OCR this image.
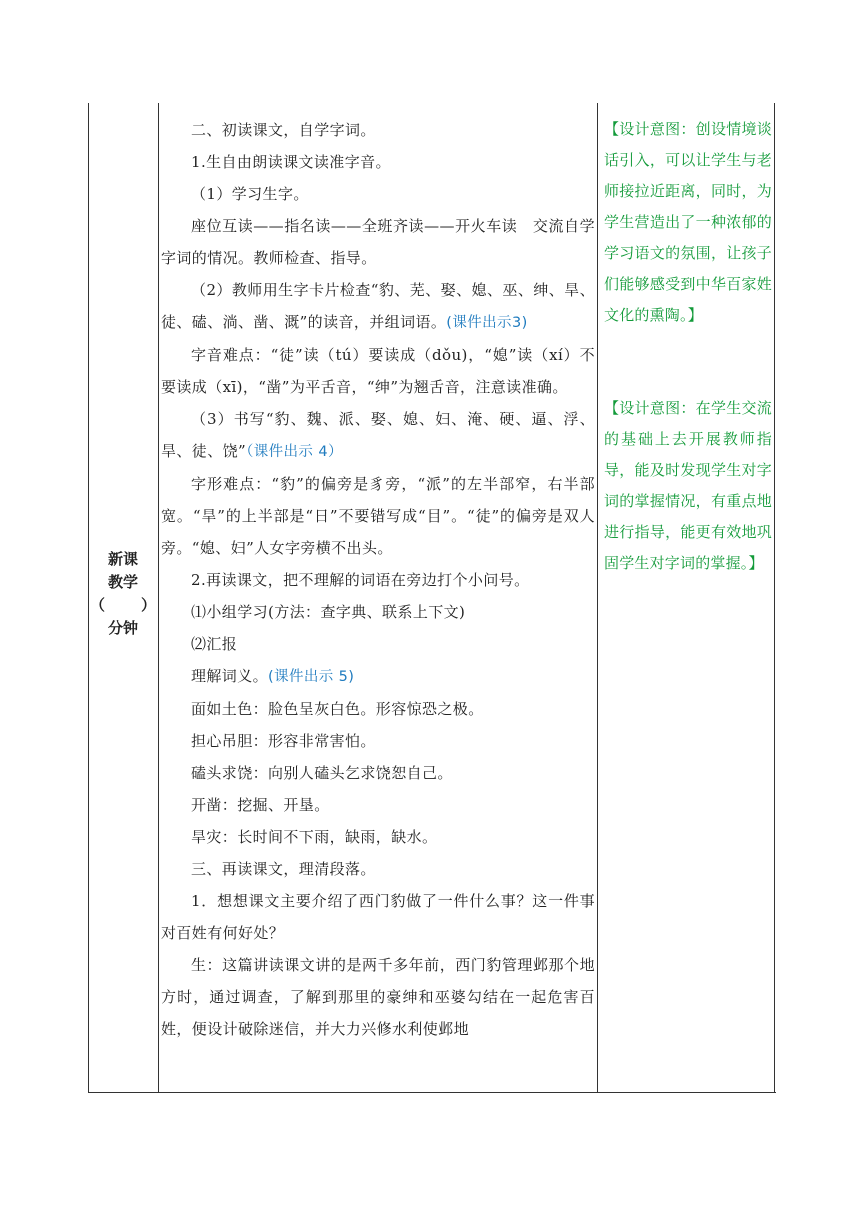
新课
教学
（ ）
分钟

二、初读课文，自学字词。

1.生自由朗读课文读准字音。

（1）学习生字。

座位互读——指名读——全班齐读——开火车读　交流自学字词的情况。教师检查、指导。

（2）教师用生字卡片检查“豹、芜、娶、媳、巫、绅、旱、徒、磕、淌、凿、溉”的读音，并组词语。(课件出示3)

字音难点：“徒”读（tú）要读成（dǒu)，“媳”读（xí）不要读成（xī)，“凿”为平舌音，“绅”为翘舌音，注意读准确。

（3）书写“豹、魏、派、娶、媳、妇、淹、硬、逼、浮、旱、徒、饶”（课件出示 4）

字形难点：“豹”的偏旁是豸旁，“派”的左半部窄，右半部宽。“旱”的上半部是“日”不要错写成“目”。“徒”的偏旁是双人旁。“媳、妇”人女字旁横不出头。

2.再读课文，把不理解的词语在旁边打个小问号。

⑴小组学习(方法：查字典、联系上下文)

⑵汇报

理解词义。(课件出示 5)

面如土色：脸色呈灰白色。形容惊恐之极。

担心吊胆：形容非常害怕。

磕头求饶：向别人磕头乞求饶恕自己。

开凿：挖掘、开垦。

旱灾：长时间不下雨，缺雨，缺水。

三、再读课文，理清段落。

1．想想课文主要介绍了西门豹做了一件什么事？这一件事对百姓有何好处？

生：这篇讲读课文讲的是两千多年前，西门豹管理邺那个地方时，通过调查，了解到那里的豪绅和巫婆勾结在一起危害百姓，便设计破除迷信，并大力兴修水利使邺地

【设计意图：创设情境谈话引入，可以让学生与老师接拉近距离，同时，为学生营造出了一种浓郁的学习语文的氛围，让孩子们能够感受到中华百家姓文化的熏陶。】
【设计意图：在学生交流的基础上去开展教师指导，能及时发现学生对字词的掌握情况，有重点地进行指导，能更有效地巩固学生对字词的掌握。】
